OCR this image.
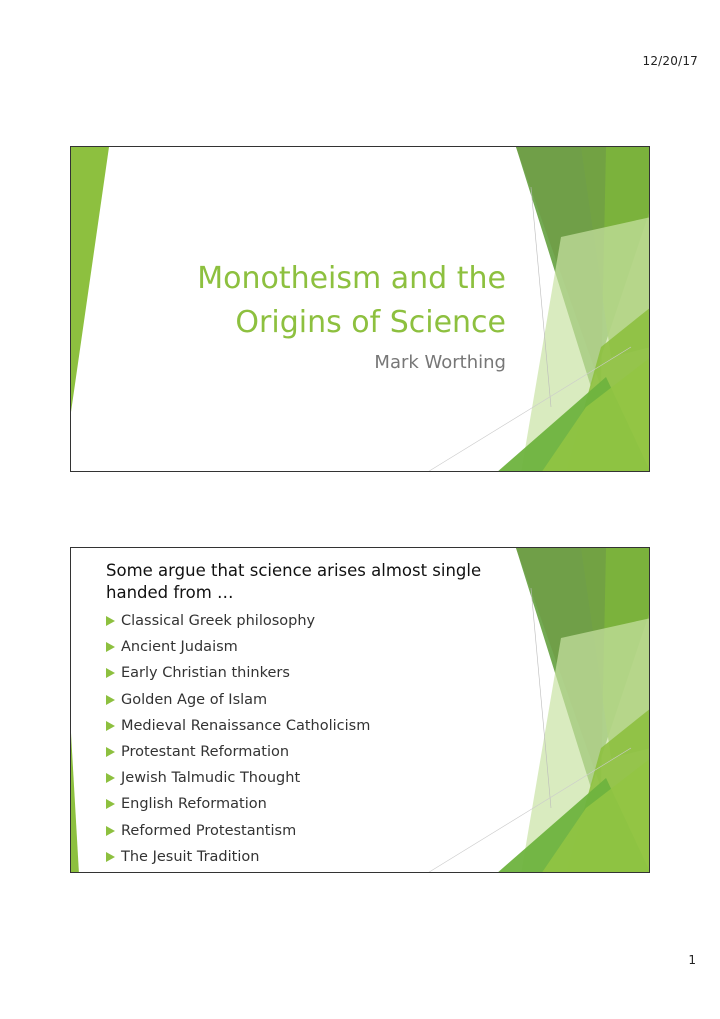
12/20/17
Monotheism and the
Origins of Science
Mark Worthing

Some argue that science arises almost single handed from …

Classical Greek philosophy
Ancient Judaism
Early Christian thinkers
Golden Age of Islam
Medieval Renaissance Catholicism
Protestant Reformation
Jewish Talmudic Thought
English Reformation
Reformed Protestantism
The Jesuit Tradition
1
